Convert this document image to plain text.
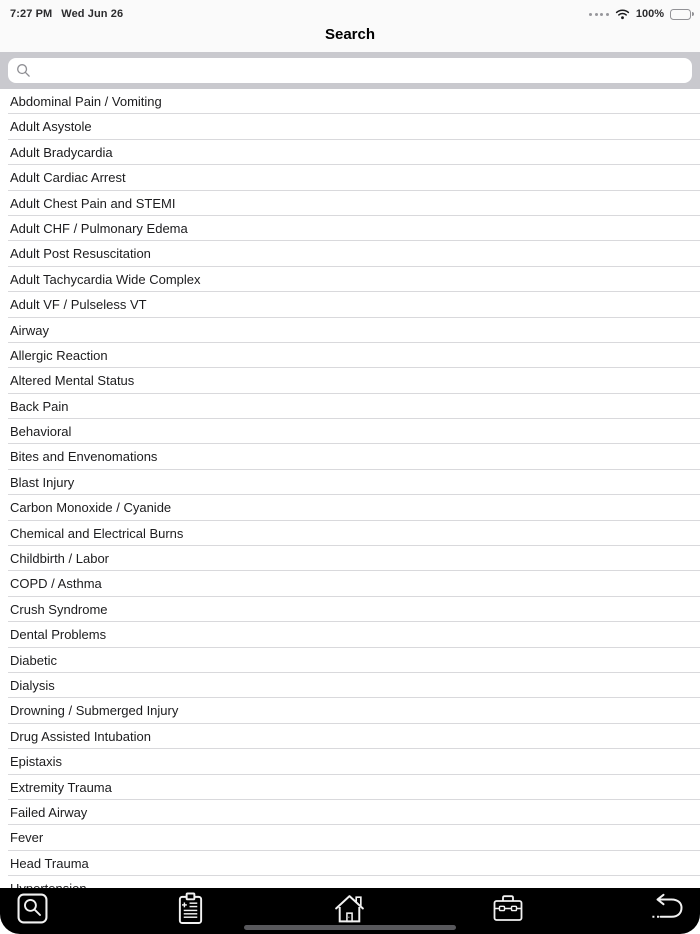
7:27 PM Wed Jun 26	100%
Search
Abdominal Pain / Vomiting
Adult Asystole
Adult Bradycardia
Adult Cardiac Arrest
Adult Chest Pain and STEMI
Adult CHF / Pulmonary Edema
Adult Post Resuscitation
Adult Tachycardia Wide Complex
Adult VF / Pulseless VT
Airway
Allergic Reaction
Altered Mental Status
Back Pain
Behavioral
Bites and Envenomations
Blast Injury
Carbon Monoxide / Cyanide
Chemical and Electrical Burns
Childbirth / Labor
COPD / Asthma
Crush Syndrome
Dental Problems
Diabetic
Dialysis
Drowning / Submerged Injury
Drug Assisted Intubation
Epistaxis
Extremity Trauma
Failed Airway
Fever
Head Trauma
